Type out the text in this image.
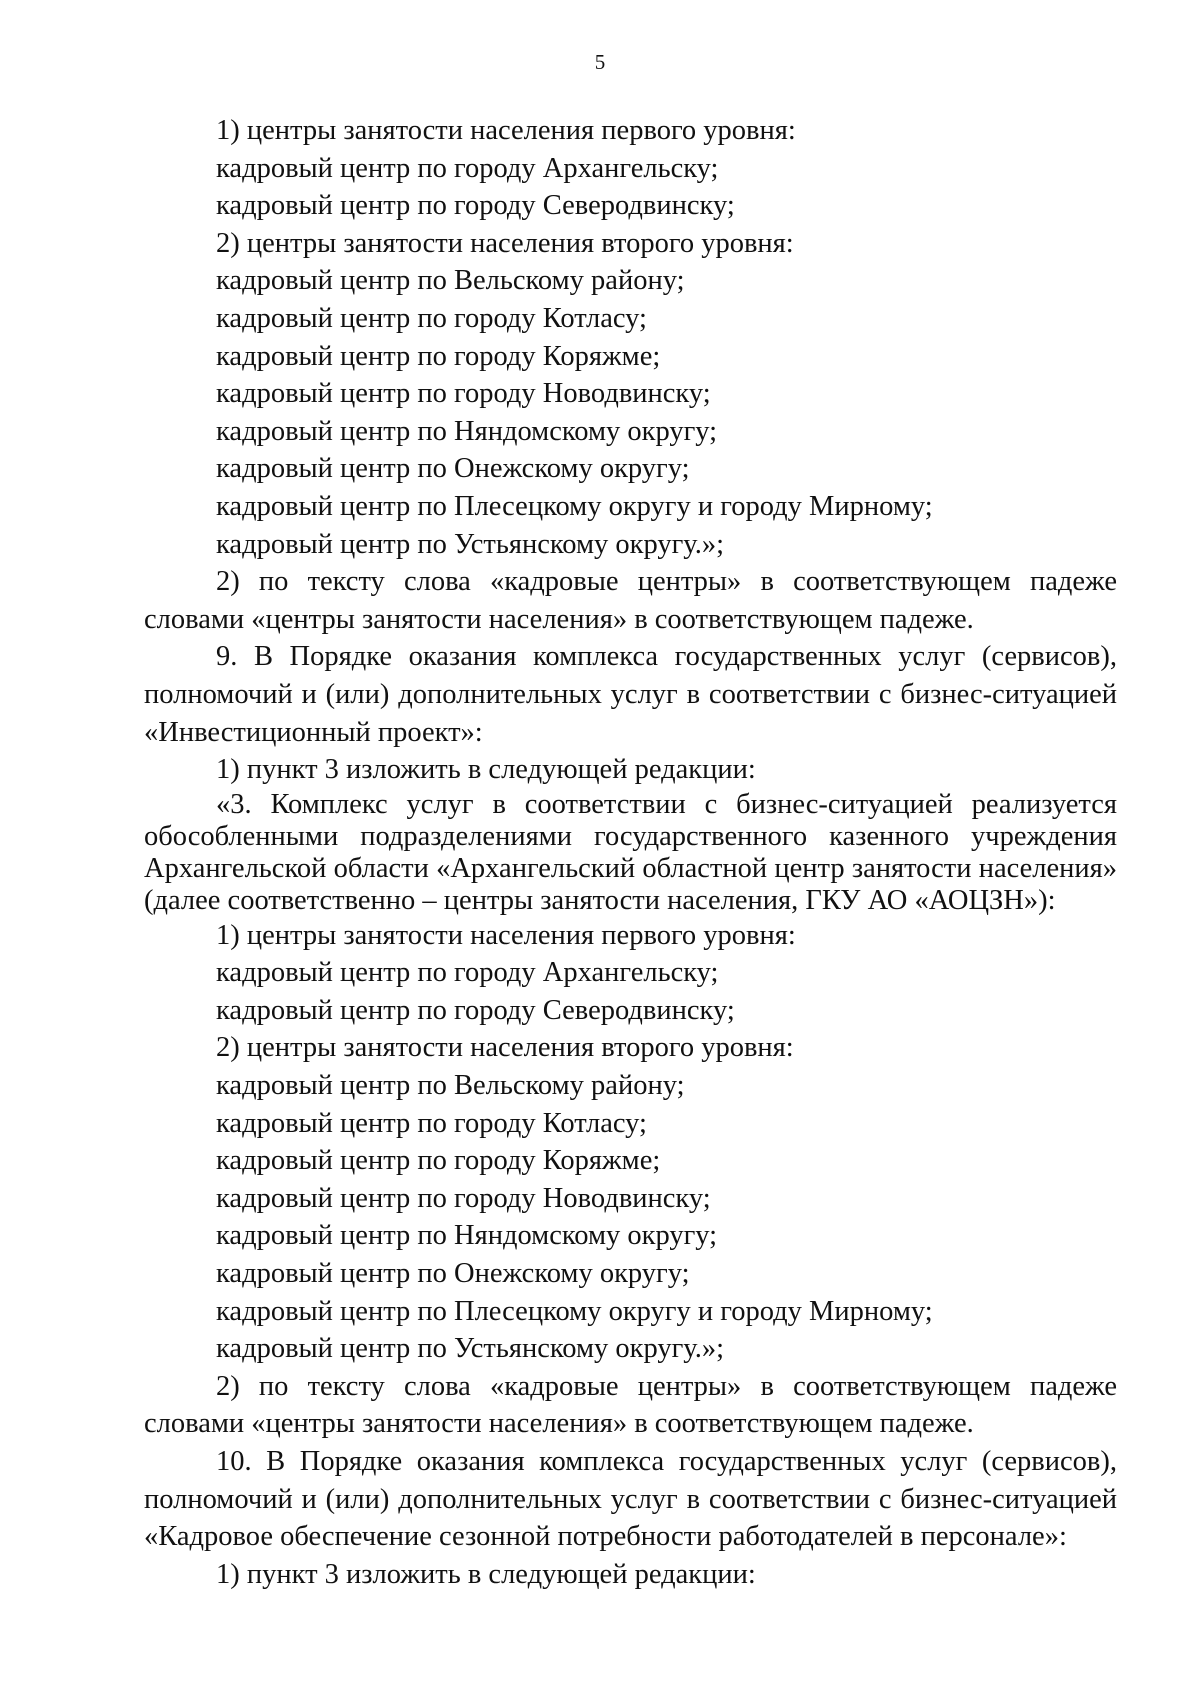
5
1) центры занятости населения первого уровня:
кадровый центр по городу Архангельску;
кадровый центр по городу Северодвинску;
2) центры занятости населения второго уровня:
кадровый центр по Вельскому району;
кадровый центр по городу Котласу;
кадровый центр по городу Коряжме;
кадровый центр по городу Новодвинску;
кадровый центр по Няндомскому округу;
кадровый центр по Онежскому округу;
кадровый центр по Плесецкому округу и городу Мирному;
кадровый центр по Устьянскому округу.»;
2) по тексту слова «кадровые центры» в соответствующем падеже
словами «центры занятости населения» в соответствующем падеже.
9. В Порядке оказания комплекса государственных услуг (сервисов),
полномочий и (или) дополнительных услуг в соответствии с бизнес-ситуацией
«Инвестиционный проект»:
1) пункт 3 изложить в следующей редакции:
«3. Комплекс услуг в соответствии с бизнес-ситуацией реализуется
обособленными подразделениями государственного казенного учреждения
Архангельской области «Архангельский областной центр занятости населения»
(далее соответственно – центры занятости населения, ГКУ АО «АОЦЗН»):
1) центры занятости населения первого уровня:
кадровый центр по городу Архангельску;
кадровый центр по городу Северодвинску;
2) центры занятости населения второго уровня:
кадровый центр по Вельскому району;
кадровый центр по городу Котласу;
кадровый центр по городу Коряжме;
кадровый центр по городу Новодвинску;
кадровый центр по Няндомскому округу;
кадровый центр по Онежскому округу;
кадровый центр по Плесецкому округу и городу Мирному;
кадровый центр по Устьянскому округу.»;
2) по тексту слова «кадровые центры» в соответствующем падеже
словами «центры занятости населения» в соответствующем падеже.
10. В Порядке оказания комплекса государственных услуг (сервисов),
полномочий и (или) дополнительных услуг в соответствии с бизнес-ситуацией
«Кадровое обеспечение сезонной потребности работодателей в персонале»:
1) пункт 3 изложить в следующей редакции:
